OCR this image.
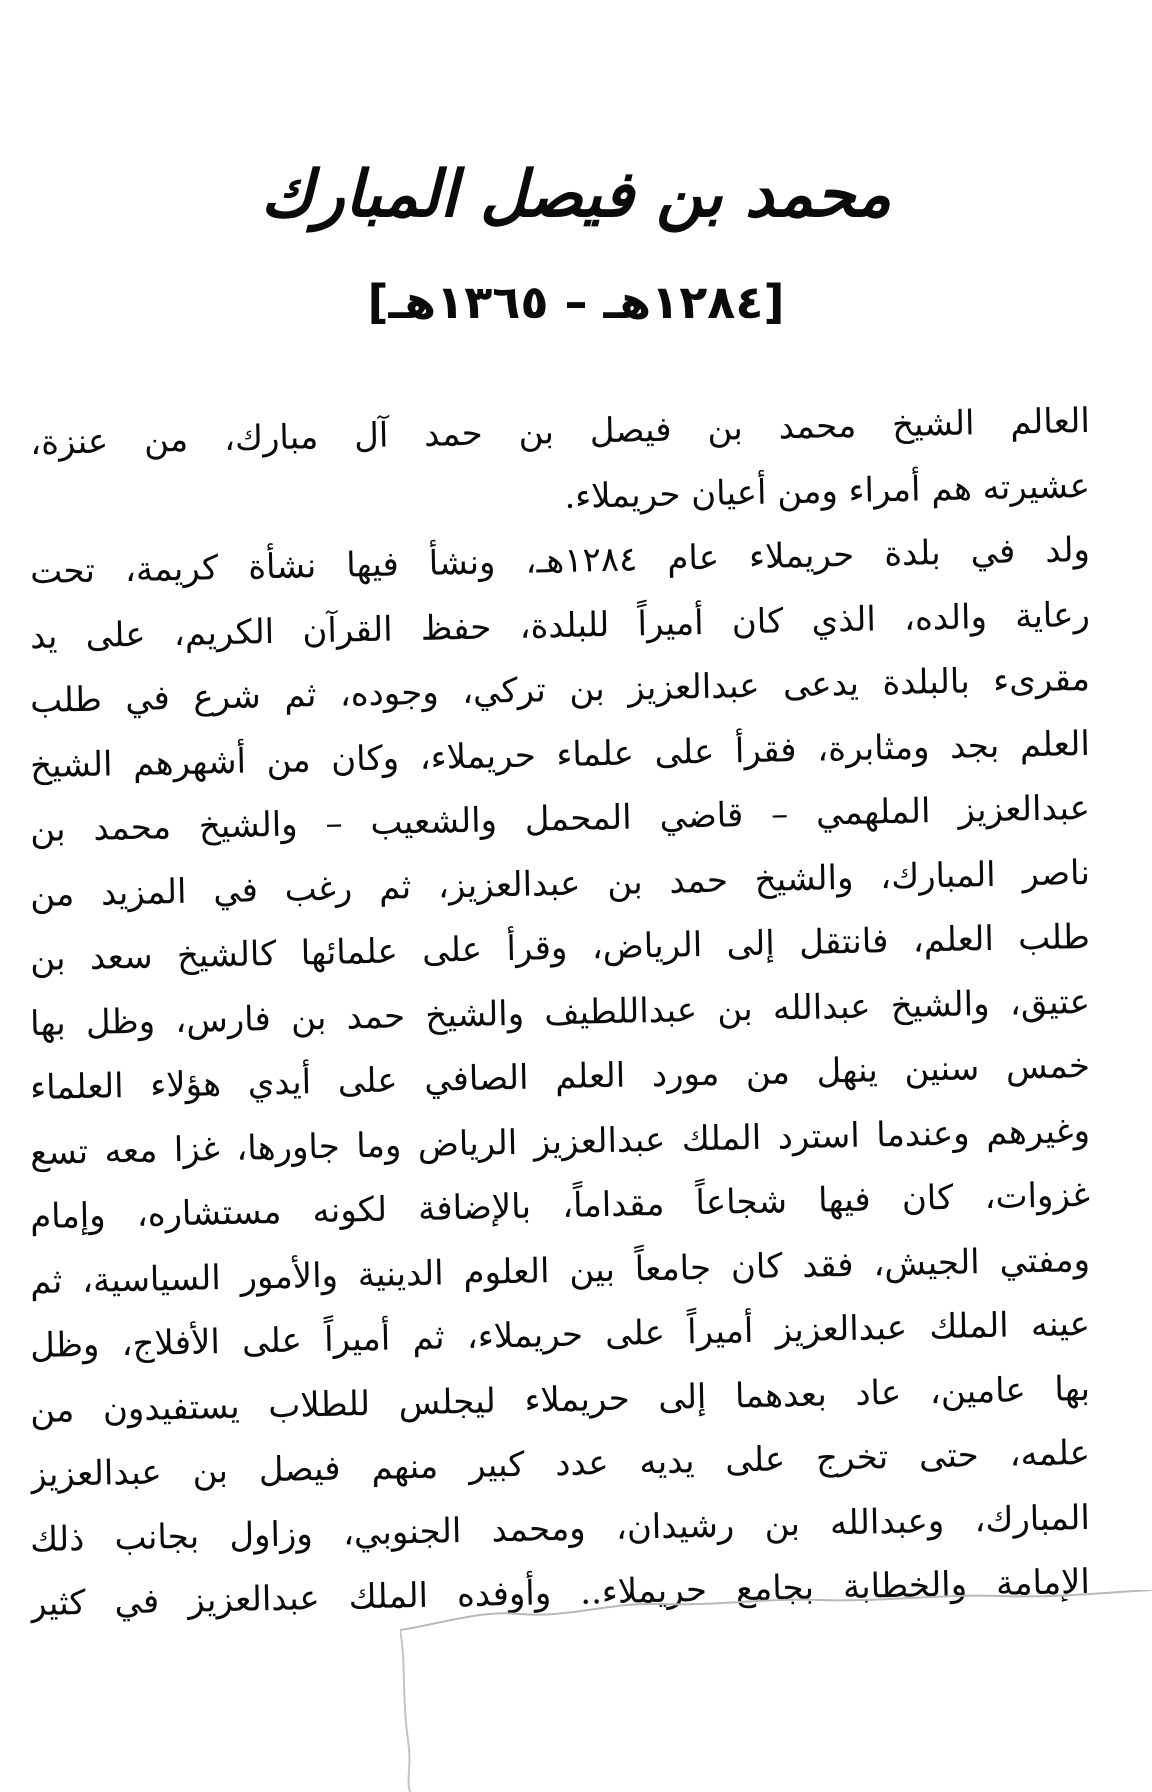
محمد بن فيصل المبارك
[١٢٨٤هـ – ١٣٦٥هـ]
العالم الشيخ محمد بن فيصل بن حمد آل مبارك، من عنزة،
عشيرته هم أمراء ومن أعيان حريملاء.
ولد في بلدة حريملاء عام ١٢٨٤هـ، ونشأ فيها نشأة كريمة، تحت
رعاية والده، الذي كان أميراً للبلدة، حفظ القرآن الكريم، على يد
مقرىء بالبلدة يدعى عبدالعزيز بن تركي، وجوده، ثم شرع في طلب
العلم بجد ومثابرة، فقرأ على علماء حريملاء، وكان من أشهرهم الشيخ
عبدالعزيز الملهمي – قاضي المحمل والشعيب – والشيخ محمد بن
ناصر المبارك، والشيخ حمد بن عبدالعزيز، ثم رغب في المزيد من
طلب العلم، فانتقل إلى الرياض، وقرأ على علمائها كالشيخ سعد بن
عتيق، والشيخ عبدالله بن عبداللطيف والشيخ حمد بن فارس، وظل بها
خمس سنين ينهل من مورد العلم الصافي على أيدي هؤلاء العلماء
وغيرهم وعندما استرد الملك عبدالعزيز الرياض وما جاورها، غزا معه تسع
غزوات، كان فيها شجاعاً مقداماً، بالإضافة لكونه مستشاره، وإمام
ومفتي الجيش، فقد كان جامعاً بين العلوم الدينية والأمور السياسية، ثم
عينه الملك عبدالعزيز أميراً على حريملاء، ثم أميراً على الأفلاج، وظل
بها عامين، عاد بعدهما إلى حريملاء ليجلس للطلاب يستفيدون من
علمه، حتى تخرج على يديه عدد كبير منهم فيصل بن عبدالعزيز
المبارك، وعبدالله بن رشيدان، ومحمد الجنوبي، وزاول بجانب ذلك
الإمامة والخطابة بجامع حريملاء.. وأوفده الملك عبدالعزيز في كثير
